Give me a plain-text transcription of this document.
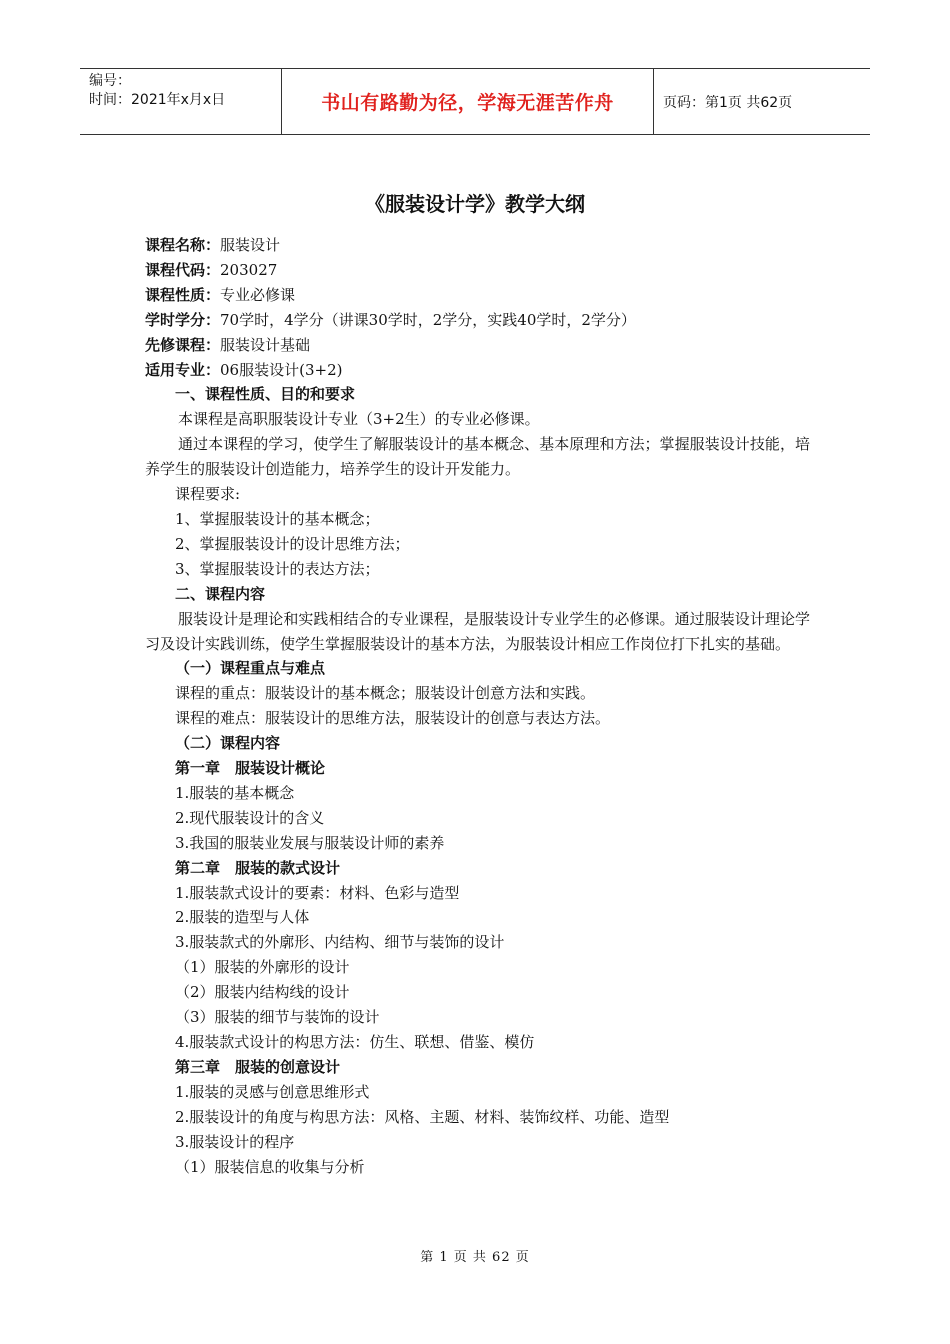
编号：
时间：2021年x月x日	书山有路勤为径，学海无涯苦作舟	页码：第1页 共62页
《服装设计学》教学大纲
课程名称：服装设计
课程代码：203027
课程性质：专业必修课
学时学分：70学时，4学分（讲课30学时，2学分，实践40学时，2学分）
先修课程：服装设计基础
适用专业：06服装设计(3+2)
一、课程性质、目的和要求
本课程是高职服装设计专业（3+2生）的专业必修课。
通过本课程的学习，使学生了解服装设计的基本概念、基本原理和方法；掌握服装设计技能，培养学生的服装设计创造能力，培养学生的设计开发能力。
课程要求:
1、掌握服装设计的基本概念；
2、掌握服装设计的设计思维方法；
3、掌握服装设计的表达方法；
二、课程内容
服装设计是理论和实践相结合的专业课程，是服装设计专业学生的必修课。通过服装设计理论学习及设计实践训练，使学生掌握服装设计的基本方法，为服装设计相应工作岗位打下扎实的基础。
（一）课程重点与难点
课程的重点：服装设计的基本概念；服装设计创意方法和实践。
课程的难点：服装设计的思维方法，服装设计的创意与表达方法。
（二）课程内容
第一章　服装设计概论
1.服装的基本概念
2.现代服装设计的含义
3.我国的服装业发展与服装设计师的素养
第二章　服装的款式设计
1.服装款式设计的要素：材料、色彩与造型
2.服装的造型与人体
3.服装款式的外廓形、内结构、细节与装饰的设计
（1）服装的外廓形的设计
（2）服装内结构线的设计
（3）服装的细节与装饰的设计
4.服装款式设计的构思方法：仿生、联想、借鉴、模仿
第三章　服装的创意设计
1.服装的灵感与创意思维形式
2.服装设计的角度与构思方法：风格、主题、材料、装饰纹样、功能、造型
3.服装设计的程序
（1）服装信息的收集与分析
第 1 页 共 62 页
